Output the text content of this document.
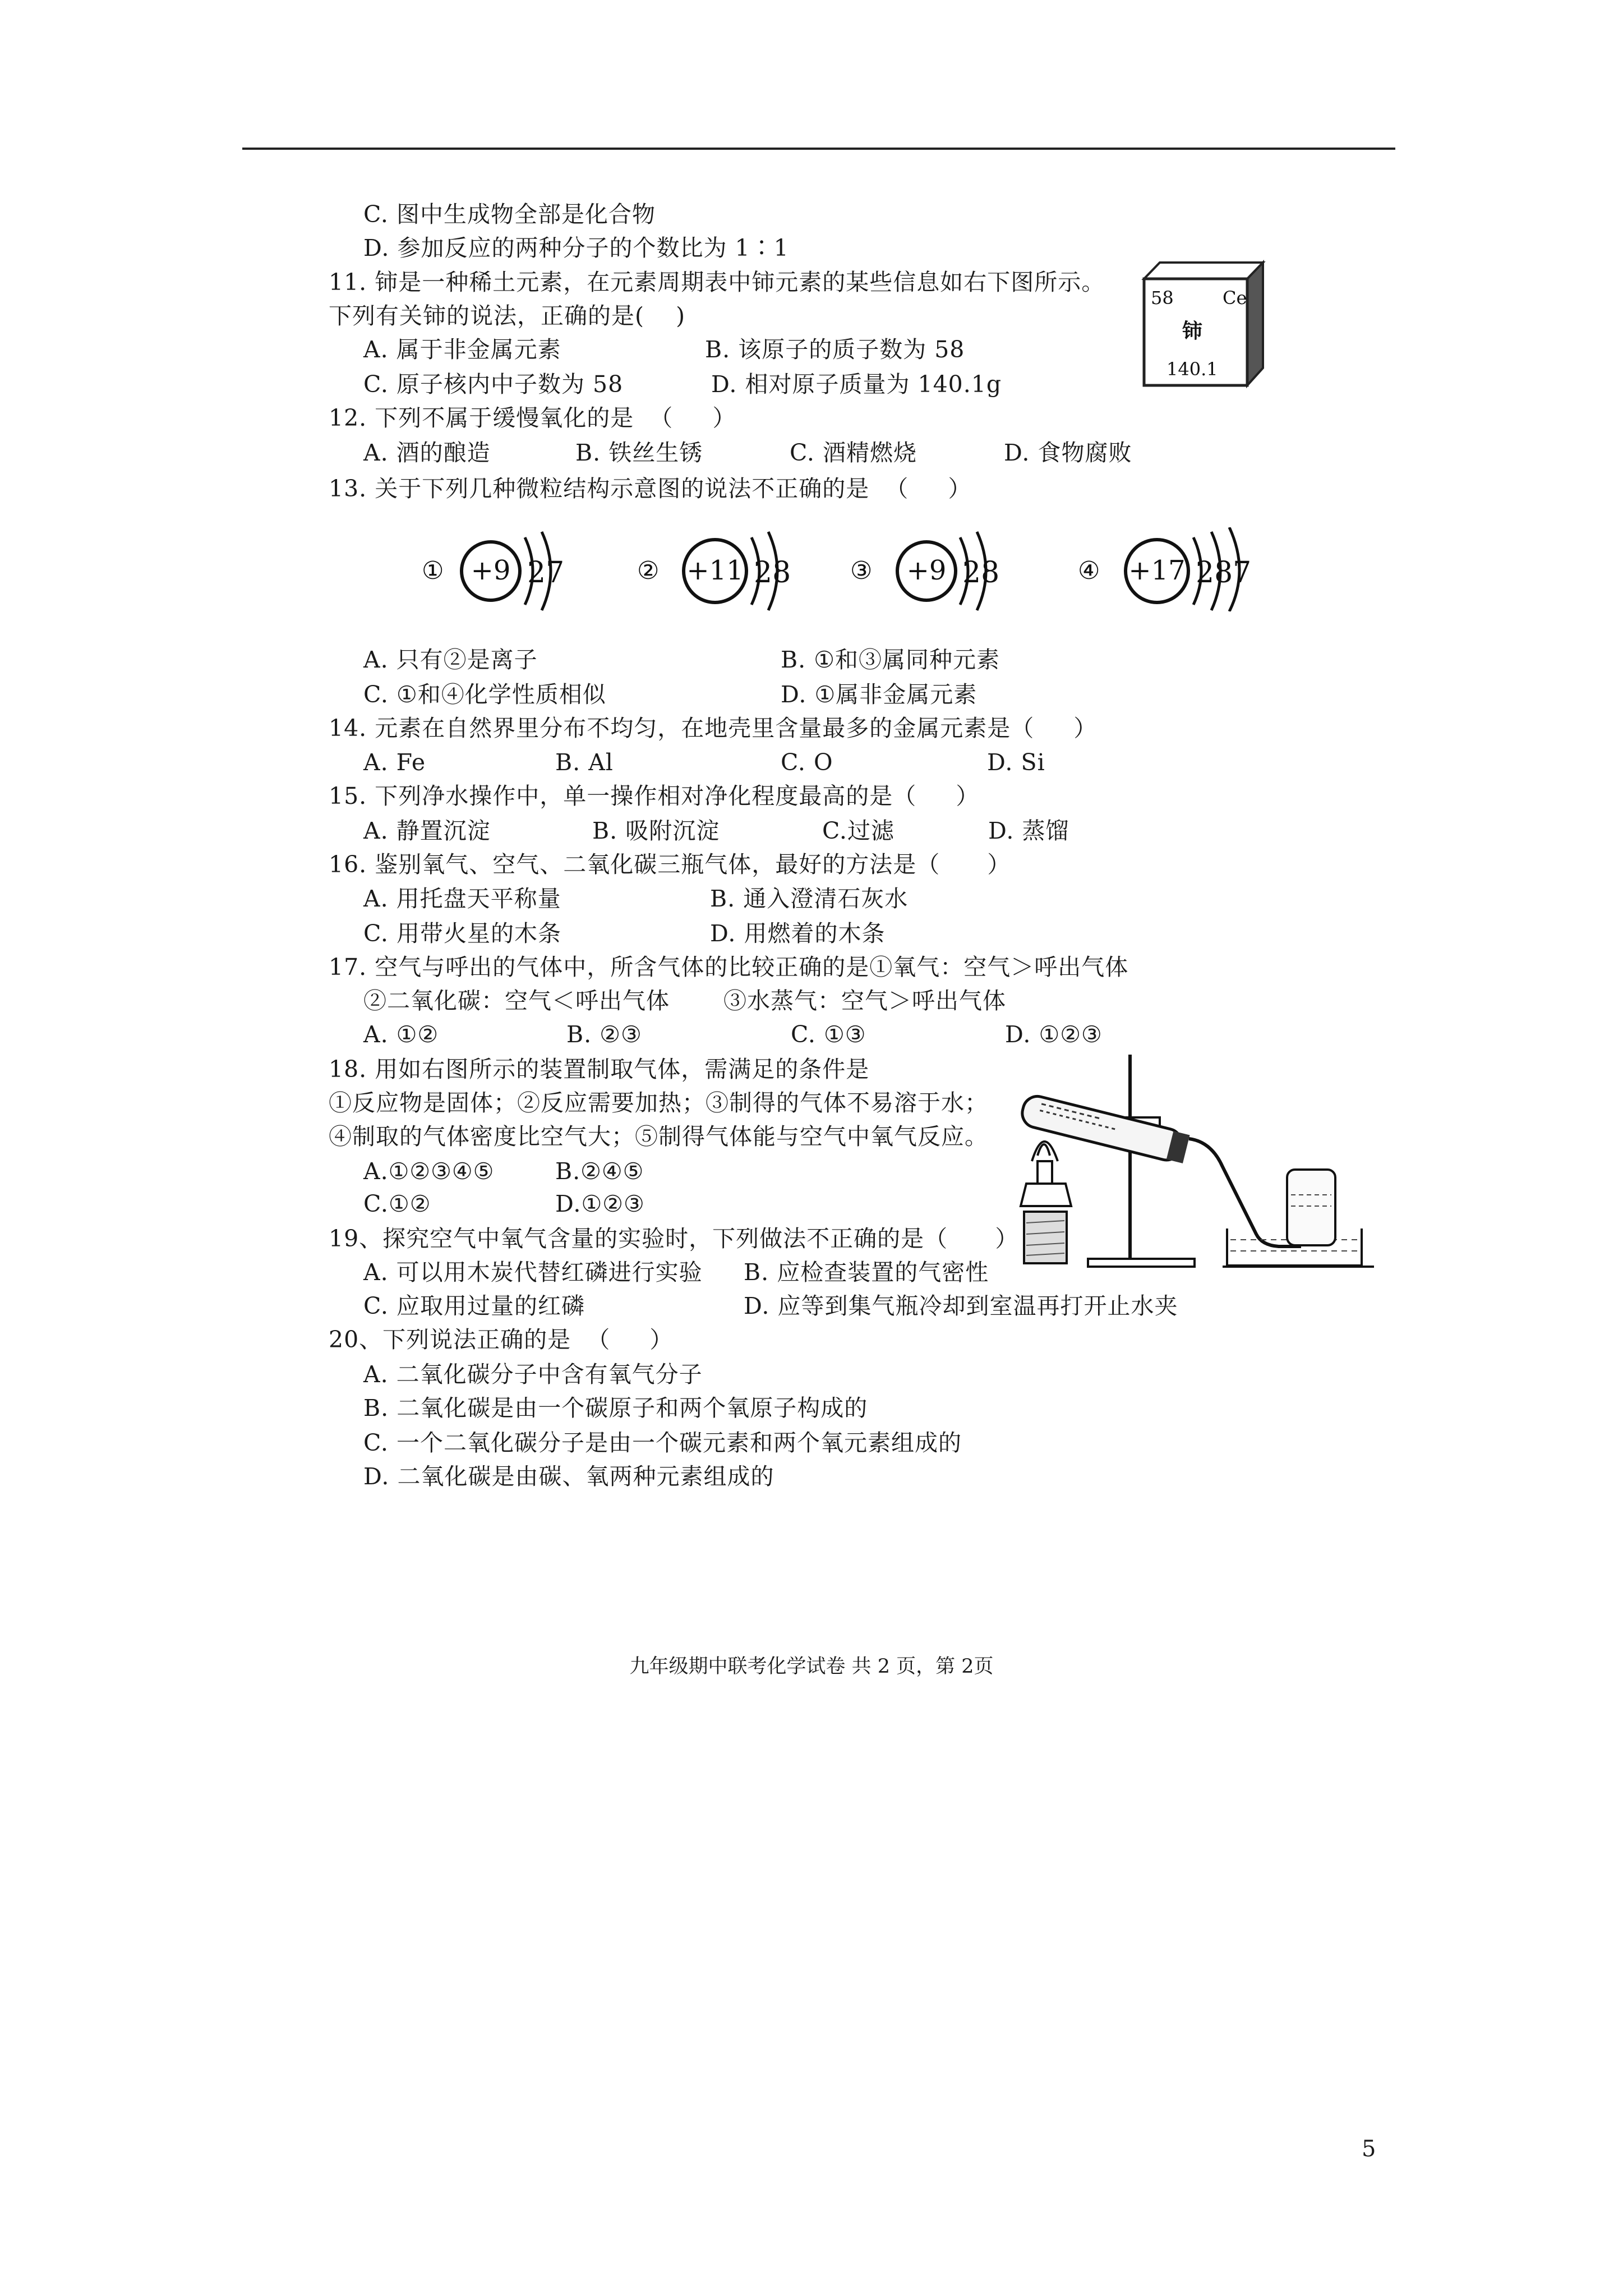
C. 图中生成物全部是化合物
D. 参加反应的两种分子的个数比为 1∶1
11. 铈是一种稀土元素，在元素周期表中铈元素的某些信息如右下图所示。
下列有关铈的说法，正确的是(    )
A. 属于非金属元素	B. 该原子的质子数为 58
C. 原子核内中子数为 58	D. 相对原子质量为 140.1g
58	Ce
铈
140.1
12. 下列不属于缓慢氧化的是  （     ）
A. 酒的酿造	B. 铁丝生锈	C. 酒精燃烧	D. 食物腐败
13. 关于下列几种微粒结构示意图的说法不正确的是  （     ）
① +9 27	② +11 28 ③ +9 28	④ +17 287
A. 只有②是离子	B. ①和③属同种元素
C. ①和④化学性质相似	D. ①属非金属元素
14. 元素在自然界里分布不均匀，在地壳里含量最多的金属元素是（     ）
A. Fe	B. Al	C. O	D. Si
15. 下列净水操作中，单一操作相对净化程度最高的是（     ）
A. 静置沉淀	B. 吸附沉淀	C.过滤	D. 蒸馏
16. 鉴别氧气、空气、二氧化碳三瓶气体，最好的方法是（      ）
A. 用托盘天平称量	B. 通入澄清石灰水
C. 用带火星的木条	D. 用燃着的木条
17. 空气与呼出的气体中，所含气体的比较正确的是①氧气：空气＞呼出气体
②二氧化碳：空气＜呼出气体 ③水蒸气：空气＞呼出气体
A. ①②	B. ②③	C. ①③	D. ①②③
18. 用如右图所示的装置制取气体，需满足的条件是
①反应物是固体；②反应需要加热；③制得的气体不易溶于水；
④制取的气体密度比空气大；⑤制得气体能与空气中氧气反应。
A.①②③④⑤	B.②④⑤
C.①②	D.①②③
19、探究空气中氧气含量的实验时，下列做法不正确的是（      ）
A. 可以用木炭代替红磷进行实验 B. 应检查装置的气密性
C. 应取用过量的红磷	D. 应等到集气瓶冷却到室温再打开止水夹
20、下列说法正确的是  （     ）
A. 二氧化碳分子中含有氧气分子
B. 二氧化碳是由一个碳原子和两个氧原子构成的
C. 一个二氧化碳分子是由一个碳元素和两个氧元素组成的
D. 二氧化碳是由碳、氧两种元素组成的
九年级期中联考化学试卷 共 2 页，第 2页
5
